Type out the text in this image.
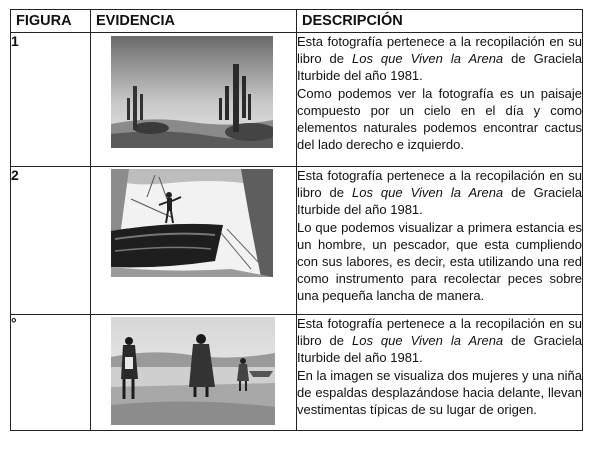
FIGURA	EVIDENCIA	DESCRIPCIÓN
1		Esta fotografía pertenece a la recopilación en su libro de Los que Viven la Arena de Graciela Iturbide del año 1981.

Como podemos ver la fotografía es un paisaje compuesto por un cielo en el día y como elementos naturales podemos encontrar cactus del lado derecho e izquierdo.

2		Esta fotografía pertenece a la recopilación en su libro de Los que Viven la Arena de Graciela Iturbide del año 1981.

Lo que podemos visualizar a primera estancia es un hombre, un pescador, que esta cumpliendo con sus labores, es decir, esta utilizando una red como instrumento para recolectar peces sobre una pequeña lancha de manera.

°		Esta fotografía pertenece a la recopilación en su libro de Los que Viven la Arena de Graciela Iturbide del año 1981.

En la imagen se visualiza dos mujeres y una niña de espaldas desplazándose hacia delante, llevan vestimentas típicas de su lugar de origen.
